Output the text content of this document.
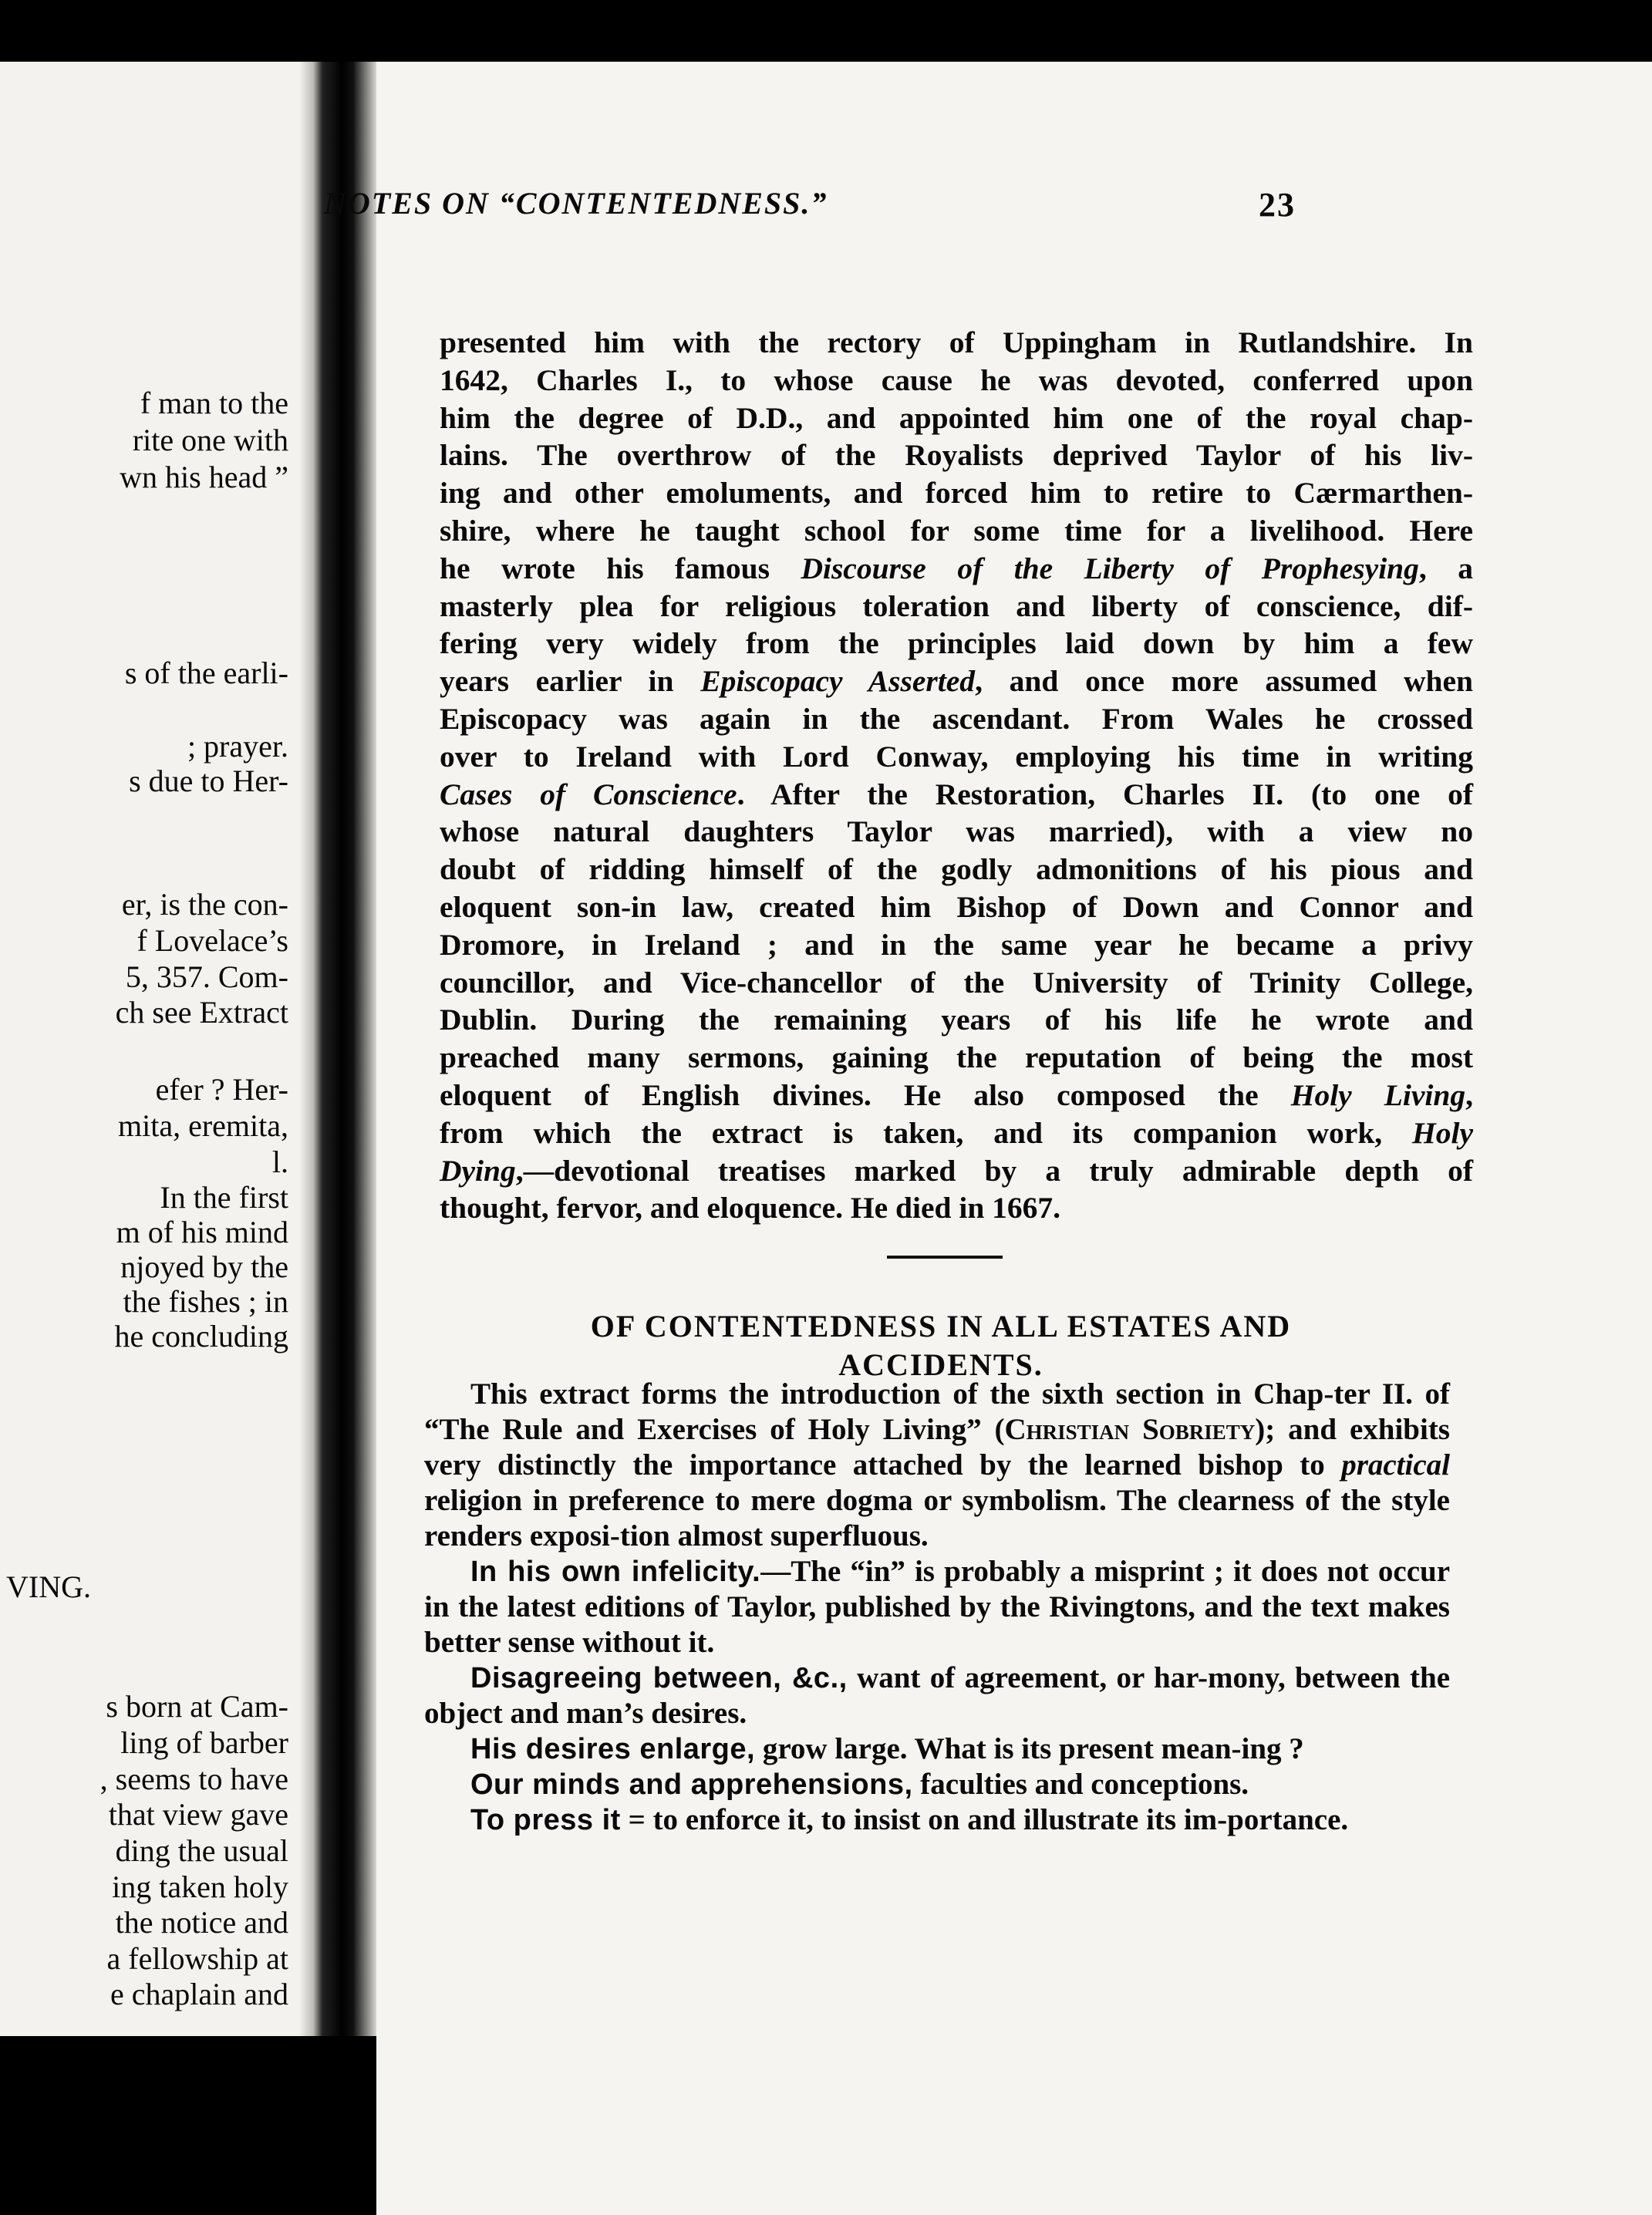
f man to the
rite one with
wn his head ”
s of the earli-
; prayer.
s due to Her-
er, is the con-
f Lovelace’s
5, 357. Com-
ch see Extract
efer ? Her-
mita, eremita,
l.
In the first
m of his mind
njoyed by the
the fishes ; in
he concluding
VING.
s born at Cam-
ling of barber
, seems to have
that view gave
ding the usual
ing taken holy
the notice and
a fellowship at
e chaplain and
NOTES ON “CONTENTEDNESS.”	23
presented him with the rectory of Uppingham in Rutlandshire. In
1642, Charles I., to whose cause he was devoted, conferred upon
him the degree of D.D., and appointed him one of the royal chap-
lains. The overthrow of the Royalists deprived Taylor of his liv-
ing and other emoluments, and forced him to retire to Cærmarthen-
shire, where he taught school for some time for a livelihood. Here
he wrote his famous Discourse of the Liberty of Prophesying, a
masterly plea for religious toleration and liberty of conscience, dif-
fering very widely from the principles laid down by him a few
years earlier in Episcopacy Asserted, and once more assumed when
Episcopacy was again in the ascendant. From Wales he crossed
over to Ireland with Lord Conway, employing his time in writing
Cases of Conscience. After the Restoration, Charles II. (to one of
whose natural daughters Taylor was married), with a view no
doubt of ridding himself of the godly admonitions of his pious and
eloquent son-in law, created him Bishop of Down and Connor and
Dromore, in Ireland ; and in the same year he became a privy
councillor, and Vice-chancellor of the University of Trinity College,
Dublin. During the remaining years of his life he wrote and
preached many sermons, gaining the reputation of being the most
eloquent of English divines. He also composed the Holy Living,
from which the extract is taken, and its companion work, Holy
Dying,—devotional treatises marked by a truly admirable depth of
thought, fervor, and eloquence. He died in 1667.
OF CONTENTEDNESS IN ALL ESTATES AND
ACCIDENTS.

This extract forms the introduction of the sixth section in Chap-ter II. of “The Rule and Exercises of Holy Living” (Christian Sobriety); and exhibits very distinctly the importance attached by the learned bishop to practical religion in preference to mere dogma or symbolism. The clearness of the style renders exposi-tion almost superfluous.

In his own infelicity.—The “in” is probably a misprint ; it does not occur in the latest editions of Taylor, published by the Rivingtons, and the text makes better sense without it.

Disagreeing between, &c., want of agreement, or har-mony, between the object and man’s desires.

His desires enlarge, grow large. What is its present mean-ing ?

Our minds and apprehensions, faculties and conceptions.

To press it = to enforce it, to insist on and illustrate its im-portance.
